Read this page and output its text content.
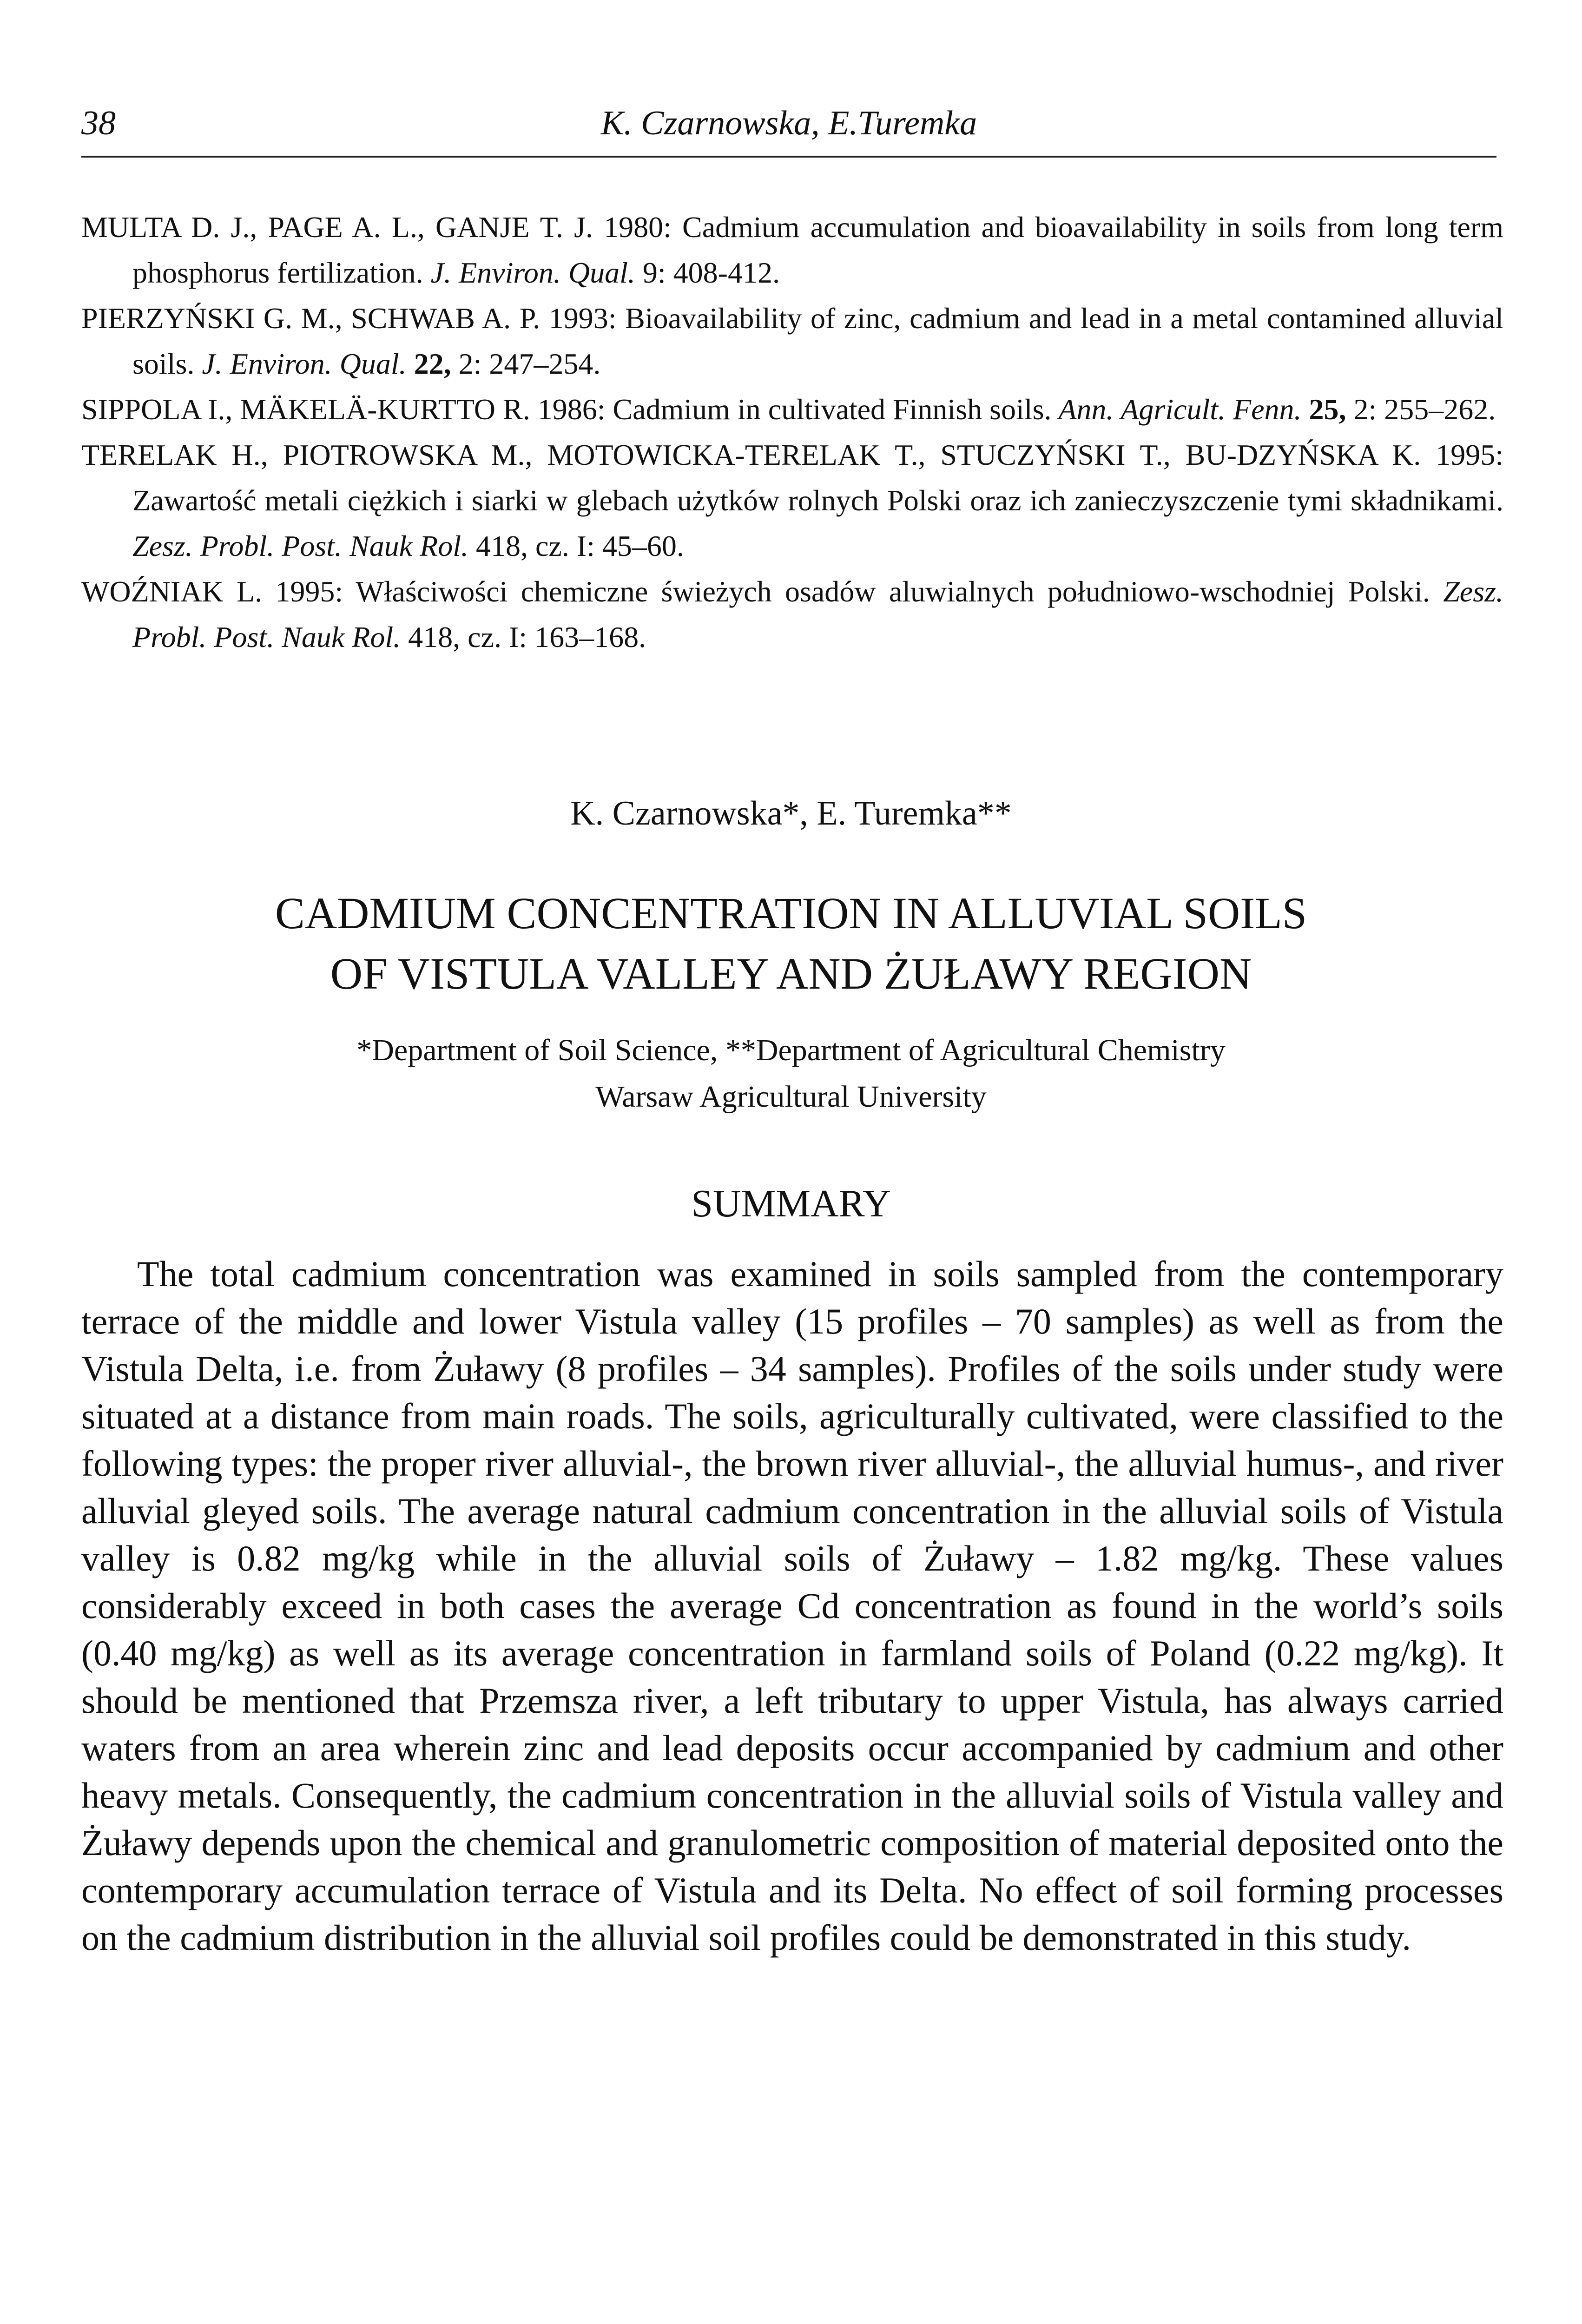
38	K. Czarnowska, E.Turemka

MULTA D. J., PAGE A. L., GANJE T. J. 1980: Cadmium accumulation and bioavailability in soils from long term phosphorus fertilization. J. Environ. Qual. 9: 408-412.

PIERZYŃSKI G. M., SCHWAB A. P. 1993: Bioavailability of zinc, cadmium and lead in a metal contamined alluvial soils. J. Environ. Qual. 22, 2: 247–254.

SIPPOLA I., MÄKELÄ-KURTTO R. 1986: Cadmium in cultivated Finnish soils. Ann. Agricult. Fenn. 25, 2: 255–262.

TERELAK H., PIOTROWSKA M., MOTOWICKA-TERELAK T., STUCZYŃSKI T., BU-DZYŃSKA K. 1995: Zawartość metali ciężkich i siarki w glebach użytków rolnych Polski oraz ich zanieczyszczenie tymi składnikami. Zesz. Probl. Post. Nauk Rol. 418, cz. I: 45–60.

WOŹNIAK L. 1995: Właściwości chemiczne świeżych osadów aluwialnych południowo-wschodniej Polski. Zesz. Probl. Post. Nauk Rol. 418, cz. I: 163–168.

K. Czarnowska*, E. Turemka**
CADMIUM CONCENTRATION IN ALLUVIAL SOILS
OF VISTULA VALLEY AND ŻUŁAWY REGION
*Department of Soil Science, **Department of Agricultural Chemistry
Warsaw Agricultural University
SUMMARY

The total cadmium concentration was examined in soils sampled from the contemporary terrace of the middle and lower Vistula valley (15 profiles – 70 samples) as well as from the Vistula Delta, i.e. from Żuławy (8 profiles – 34 samples). Profiles of the soils under study were situated at a distance from main roads. The soils, agriculturally cultivated, were classified to the following types: the proper river alluvial-, the brown river alluvial-, the alluvial humus-, and river alluvial gleyed soils. The average natural cadmium concentration in the alluvial soils of Vistula valley is 0.82 mg/kg while in the alluvial soils of Żuławy – 1.82 mg/kg. These values considerably exceed in both cases the average Cd concentration as found in the world’s soils (0.40 mg/kg) as well as its average concentration in farmland soils of Poland (0.22 mg/kg). It should be mentioned that Przemsza river, a left tributary to upper Vistula, has always carried waters from an area wherein zinc and lead deposits occur accompanied by cadmium and other heavy metals. Consequently, the cadmium concentration in the alluvial soils of Vistula valley and Żuławy depends upon the chemical and granulometric composition of material deposited onto the contemporary accumulation terrace of Vistula and its Delta. No effect of soil forming processes on the cadmium distribution in the alluvial soil profiles could be demonstrated in this study.
